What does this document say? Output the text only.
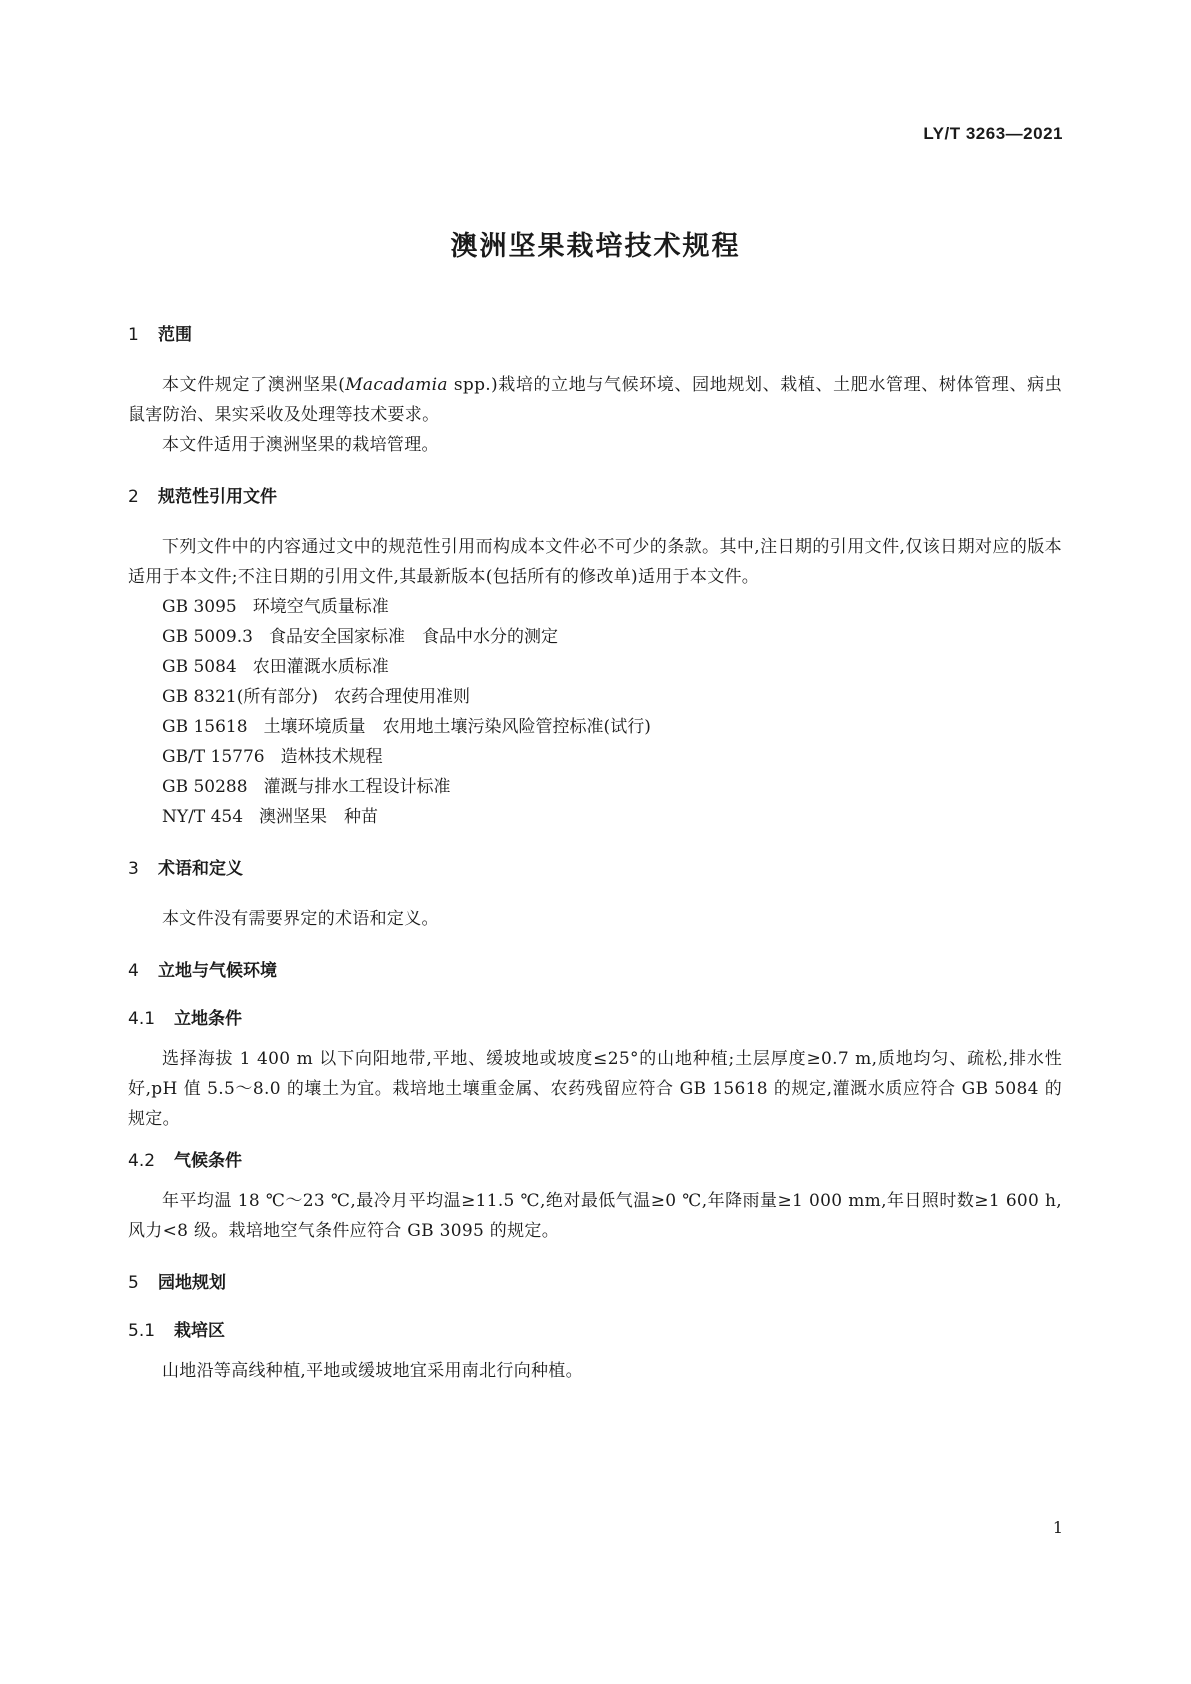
LY/T 3263—2021
澳洲坚果栽培技术规程
1	范围
本文件规定了澳洲坚果(Macadamia spp.)栽培的立地与气候环境、园地规划、栽植、土肥水管理、树体管理、病虫鼠害防治、果实采收及处理等技术要求。
本文件适用于澳洲坚果的栽培管理。
2	规范性引用文件
下列文件中的内容通过文中的规范性引用而构成本文件必不可少的条款。其中,注日期的引用文件,仅该日期对应的版本适用于本文件;不注日期的引用文件,其最新版本(包括所有的修改单)适用于本文件。
GB 3095 环境空气质量标准
GB 5009.3 食品安全国家标准　食品中水分的测定
GB 5084 农田灌溉水质标准
GB 8321(所有部分) 农药合理使用准则
GB 15618 土壤环境质量　农用地土壤污染风险管控标准(试行)
GB/T 15776 造林技术规程
GB 50288 灌溉与排水工程设计标准
NY/T 454 澳洲坚果　种苗
3	术语和定义
本文件没有需要界定的术语和定义。
4	立地与气候环境
4.1	立地条件
选择海拔 1 400 m 以下向阳地带,平地、缓坡地或坡度≤25°的山地种植;土层厚度≥0.7 m,质地均匀、疏松,排水性好,pH 值 5.5～8.0 的壤土为宜。栽培地土壤重金属、农药残留应符合 GB 15618 的规定,灌溉水质应符合 GB 5084 的规定。
4.2	气候条件
年平均温 18 ℃～23 ℃,最冷月平均温≥11.5 ℃,绝对最低气温≥0 ℃,年降雨量≥1 000 mm,年日照时数≥1 600 h,风力<8 级。栽培地空气条件应符合 GB 3095 的规定。
5	园地规划
5.1	栽培区
山地沿等高线种植,平地或缓坡地宜采用南北行向种植。
1
